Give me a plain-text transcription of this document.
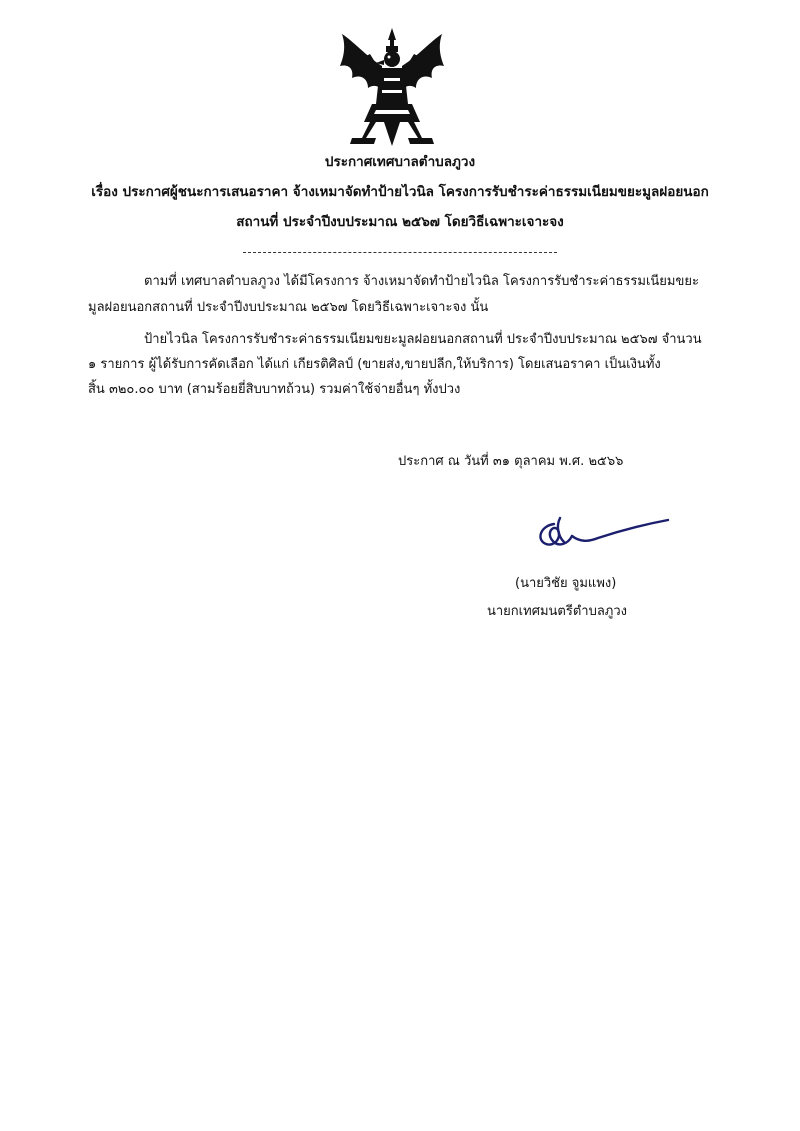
ประกาศเทศบาลตำบลภูวง
เรื่อง ประกาศผู้ชนะการเสนอราคา จ้างเหมาจัดทำป้ายไวนิล โครงการรับชำระค่าธรรมเนียมขยะมูลฝอยนอก
สถานที่ ประจำปีงบประมาณ ๒๕๖๗ โดยวิธีเฉพาะเจาะจง
ตามที่ เทศบาลตำบลภูวง ได้มีโครงการ จ้างเหมาจัดทำป้ายไวนิล โครงการรับชำระค่าธรรมเนียมขยะ
มูลฝอยนอกสถานที่ ประจำปีงบประมาณ ๒๕๖๗ โดยวิธีเฉพาะเจาะจง นั้น
ป้ายไวนิล โครงการรับชำระค่าธรรมเนียมขยะมูลฝอยนอกสถานที่ ประจำปีงบประมาณ ๒๕๖๗ จำนวน
๑ รายการ ผู้ได้รับการคัดเลือก ได้แก่ เกียรติศิลป์ (ขายส่ง,ขายปลีก,ให้บริการ) โดยเสนอราคา เป็นเงินทั้ง
สิ้น ๓๒๐.๐๐ บาท (สามร้อยยี่สิบบาทถ้วน) รวมค่าใช้จ่ายอื่นๆ ทั้งปวง
ประกาศ ณ วันที่ ๓๑ ตุลาคม พ.ศ. ๒๕๖๖
(นายวิชัย จูมแพง)
นายกเทศมนตรีตำบลภูวง
